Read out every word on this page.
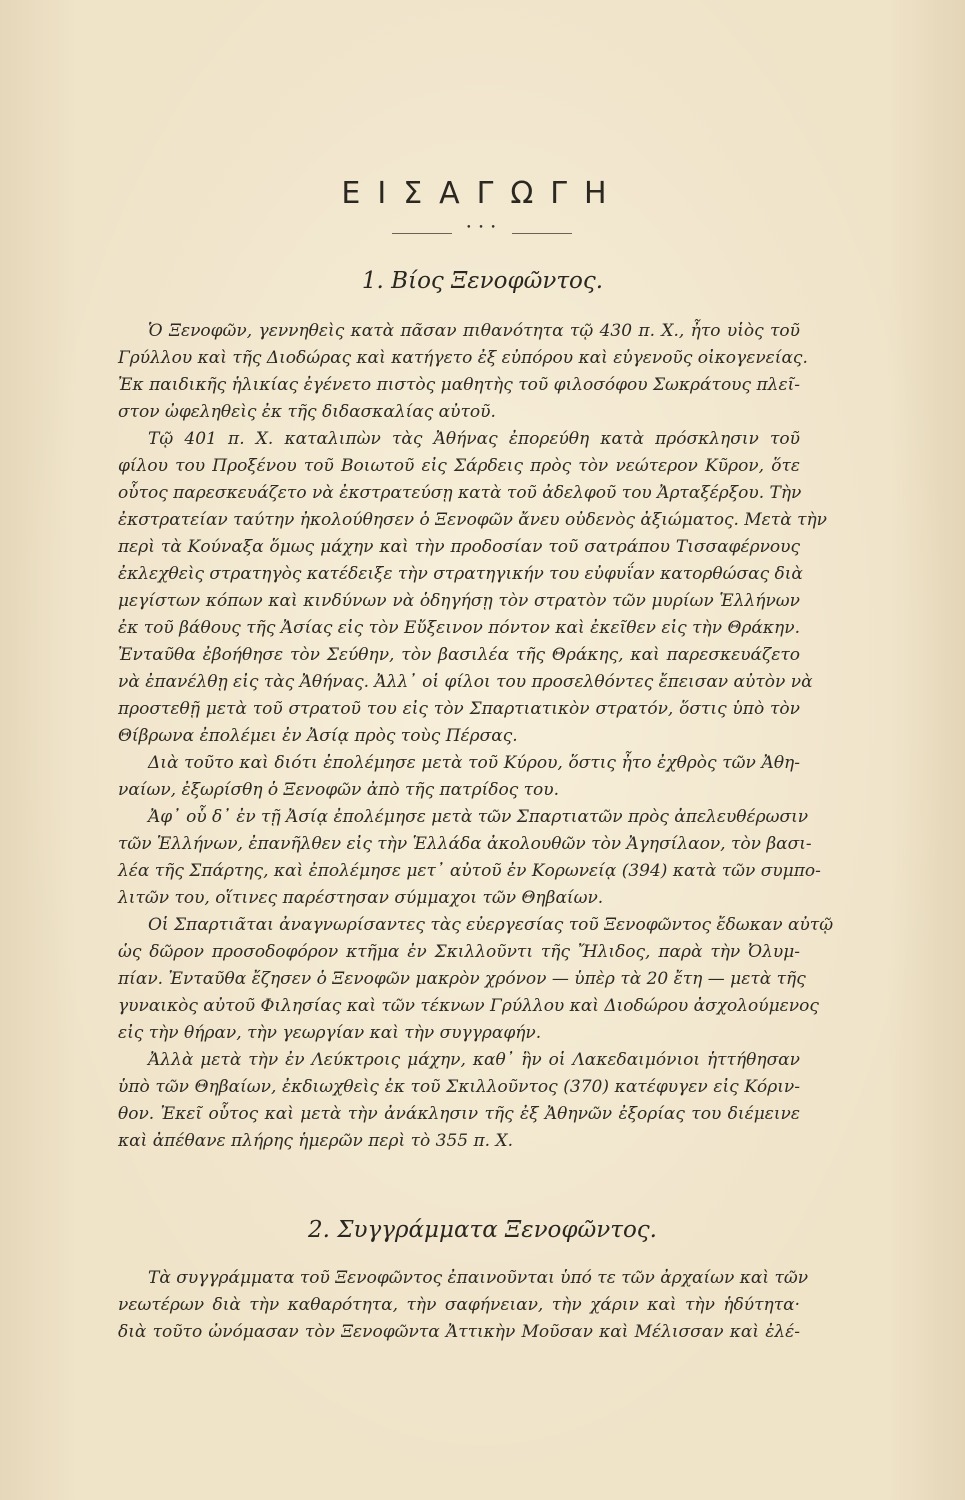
ΕΙΣΑΓΩΓΗ
• • •
1. Βίος Ξενοφῶντος.
Ὁ Ξενοφῶν, γεννηθεὶς κατὰ πᾶσαν πιθανότητα τῷ 430 π. Χ., ἦτο υἱὸς τοῦ
Γρύλλου καὶ τῆς Διοδώρας καὶ κατήγετο ἐξ εὐπόρου καὶ εὐγενοῦς οἰκογενείας.
Ἐκ παιδικῆς ἡλικίας ἐγένετο πιστὸς μαθητὴς τοῦ φιλοσόφου Σωκράτους πλεῖ-
στον ὠφεληθεὶς ἐκ τῆς διδασκαλίας αὐτοῦ.
Τῷ 401 π. Χ. καταλιπὼν τὰς Ἀθήνας ἐπορεύθη κατὰ πρόσκλησιν τοῦ
φίλου του Προξένου τοῦ Βοιωτοῦ εἰς Σάρδεις πρὸς τὸν νεώτερον Κῦρον, ὅτε
οὗτος παρεσκευάζετο νὰ ἐκστρατεύσῃ κατὰ τοῦ ἀδελφοῦ του Ἀρταξέρξου. Τὴν
ἐκστρατείαν ταύτην ἠκολούθησεν ὁ Ξενοφῶν ἄνευ οὐδενὸς ἀξιώματος. Μετὰ τὴν
περὶ τὰ Κούναξα ὅμως μάχην καὶ τὴν προδοσίαν τοῦ σατράπου Τισσαφέρνους
ἐκλεχθεὶς στρατηγὸς κατέδειξε τὴν στρατηγικήν του εὐφυΐαν κατορθώσας διὰ
μεγίστων κόπων καὶ κινδύνων νὰ ὁδηγήσῃ τὸν στρατὸν τῶν μυρίων Ἑλλήνων
ἐκ τοῦ βάθους τῆς Ἀσίας εἰς τὸν Εὔξεινον πόντον καὶ ἐκεῖθεν εἰς τὴν Θράκην.
Ἐνταῦθα ἐβοήθησε τὸν Σεύθην, τὸν βασιλέα τῆς Θράκης, καὶ παρεσκευάζετο
νὰ ἐπανέλθῃ εἰς τὰς Ἀθήνας. Ἀλλ᾽ οἱ φίλοι του προσελθόντες ἔπεισαν αὐτὸν νὰ
προστεθῇ μετὰ τοῦ στρατοῦ του εἰς τὸν Σπαρτιατικὸν στρατόν, ὅστις ὑπὸ τὸν
Θίβρωνα ἐπολέμει ἐν Ἀσίᾳ πρὸς τοὺς Πέρσας.
Διὰ τοῦτο καὶ διότι ἐπολέμησε μετὰ τοῦ Κύρου, ὅστις ἦτο ἐχθρὸς τῶν Ἀθη-
ναίων, ἐξωρίσθη ὁ Ξενοφῶν ἀπὸ τῆς πατρίδος του.
Ἀφ᾽ οὗ δ᾽ ἐν τῇ Ἀσίᾳ ἐπολέμησε μετὰ τῶν Σπαρτιατῶν πρὸς ἀπελευθέρωσιν
τῶν Ἑλλήνων, ἐπανῆλθεν εἰς τὴν Ἑλλάδα ἀκολουθῶν τὸν Ἀγησίλαον, τὸν βασι-
λέα τῆς Σπάρτης, καὶ ἐπολέμησε μετ᾽ αὐτοῦ ἐν Κορωνείᾳ (394) κατὰ τῶν συμπο-
λιτῶν του, οἵτινες παρέστησαν σύμμαχοι τῶν Θηβαίων.
Οἱ Σπαρτιᾶται ἀναγνωρίσαντες τὰς εὐεργεσίας τοῦ Ξενοφῶντος ἔδωκαν αὐτῷ
ὡς δῶρον προσοδοφόρον κτῆμα ἐν Σκιλλοῦντι τῆς Ἤλιδος, παρὰ τὴν Ὀλυμ-
πίαν. Ἐνταῦθα ἔζησεν ὁ Ξενοφῶν μακρὸν χρόνον — ὑπὲρ τὰ 20 ἔτη — μετὰ τῆς
γυναικὸς αὐτοῦ Φιλησίας καὶ τῶν τέκνων Γρύλλου καὶ Διοδώρου ἀσχολούμενος
εἰς τὴν θήραν, τὴν γεωργίαν καὶ τὴν συγγραφήν.
Ἀλλὰ μετὰ τὴν ἐν Λεύκτροις μάχην, καθ᾽ ἣν οἱ Λακεδαιμόνιοι ἡττήθησαν
ὑπὸ τῶν Θηβαίων, ἐκδιωχθεὶς ἐκ τοῦ Σκιλλοῦντος (370) κατέφυγεν εἰς Κόριν-
θον. Ἐκεῖ οὗτος καὶ μετὰ τὴν ἀνάκλησιν τῆς ἐξ Ἀθηνῶν ἐξορίας του διέμεινε
καὶ ἀπέθανε πλήρης ἡμερῶν περὶ τὸ 355 π. Χ.
2. Συγγράμματα Ξενοφῶντος.
Τὰ συγγράμματα τοῦ Ξενοφῶντος ἐπαινοῦνται ὑπό τε τῶν ἀρχαίων καὶ τῶν
νεωτέρων διὰ τὴν καθαρότητα, τὴν σαφήνειαν, τὴν χάριν καὶ τὴν ἡδύτητα·
διὰ τοῦτο ὠνόμασαν τὸν Ξενοφῶντα Ἀττικὴν Μοῦσαν καὶ Μέλισσαν καὶ ἐλέ-
